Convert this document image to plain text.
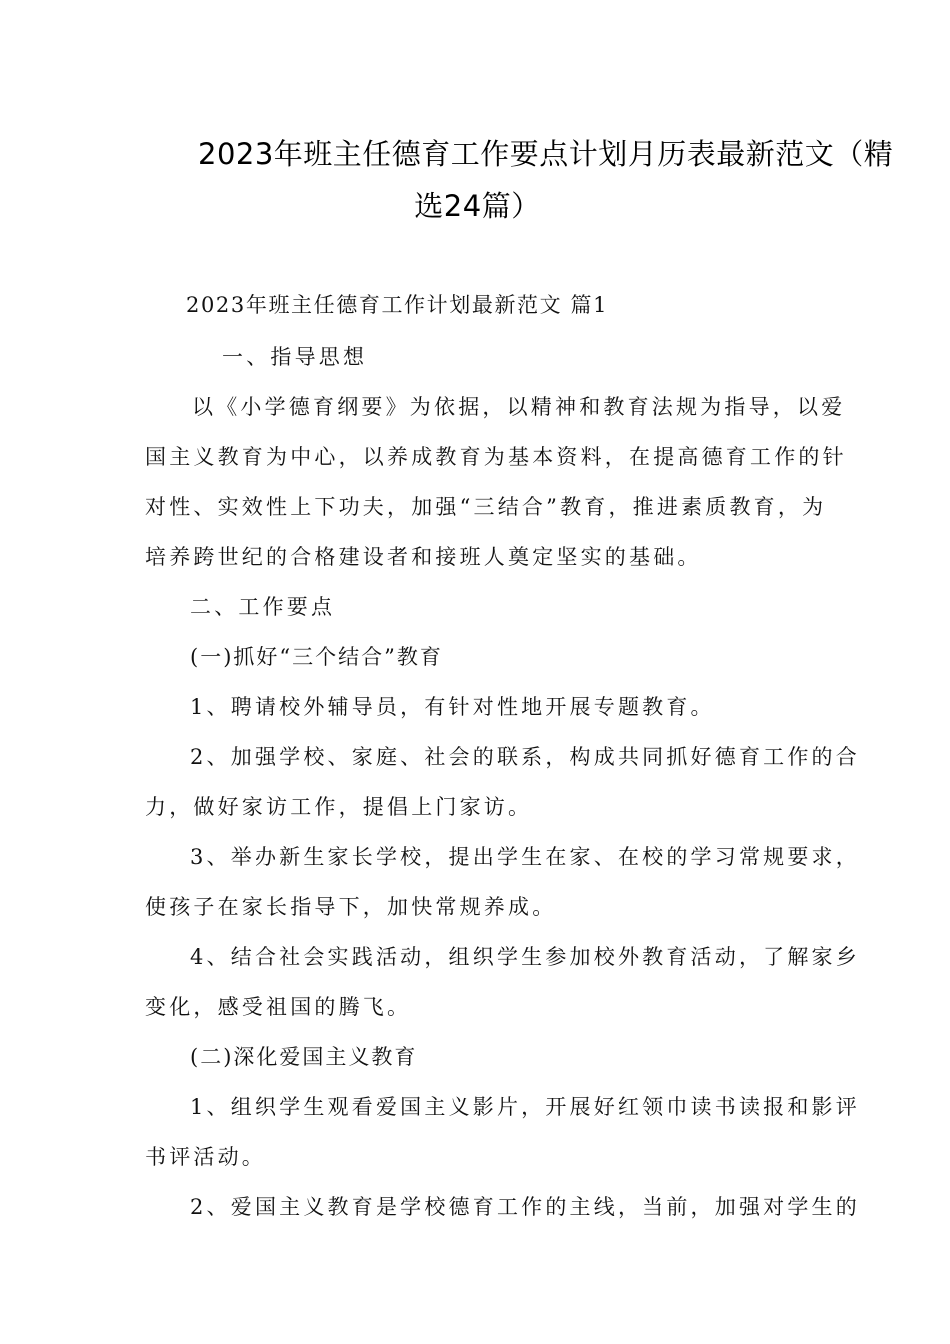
2023年班主任德育工作要点计划月历表最新范文（精
选24篇）
2023年班主任德育工作计划最新范文 篇1
一、指导思想
以《小学德育纲要》为依据，以精神和教育法规为指导，以爱
国主义教育为中心，以养成教育为基本资料，在提高德育工作的针
对性、实效性上下功夫，加强“三结合”教育，推进素质教育，为
培养跨世纪的合格建设者和接班人奠定坚实的基础。
二、工作要点
(一)抓好“三个结合”教育
1、聘请校外辅导员，有针对性地开展专题教育。
2、加强学校、家庭、社会的联系，构成共同抓好德育工作的合
力，做好家访工作，提倡上门家访。
3、举办新生家长学校，提出学生在家、在校的学习常规要求，
使孩子在家长指导下，加快常规养成。
4、结合社会实践活动，组织学生参加校外教育活动，了解家乡
变化，感受祖国的腾飞。
(二)深化爱国主义教育
1、组织学生观看爱国主义影片，开展好红领巾读书读报和影评
书评活动。
2、爱国主义教育是学校德育工作的主线，当前，加强对学生的
